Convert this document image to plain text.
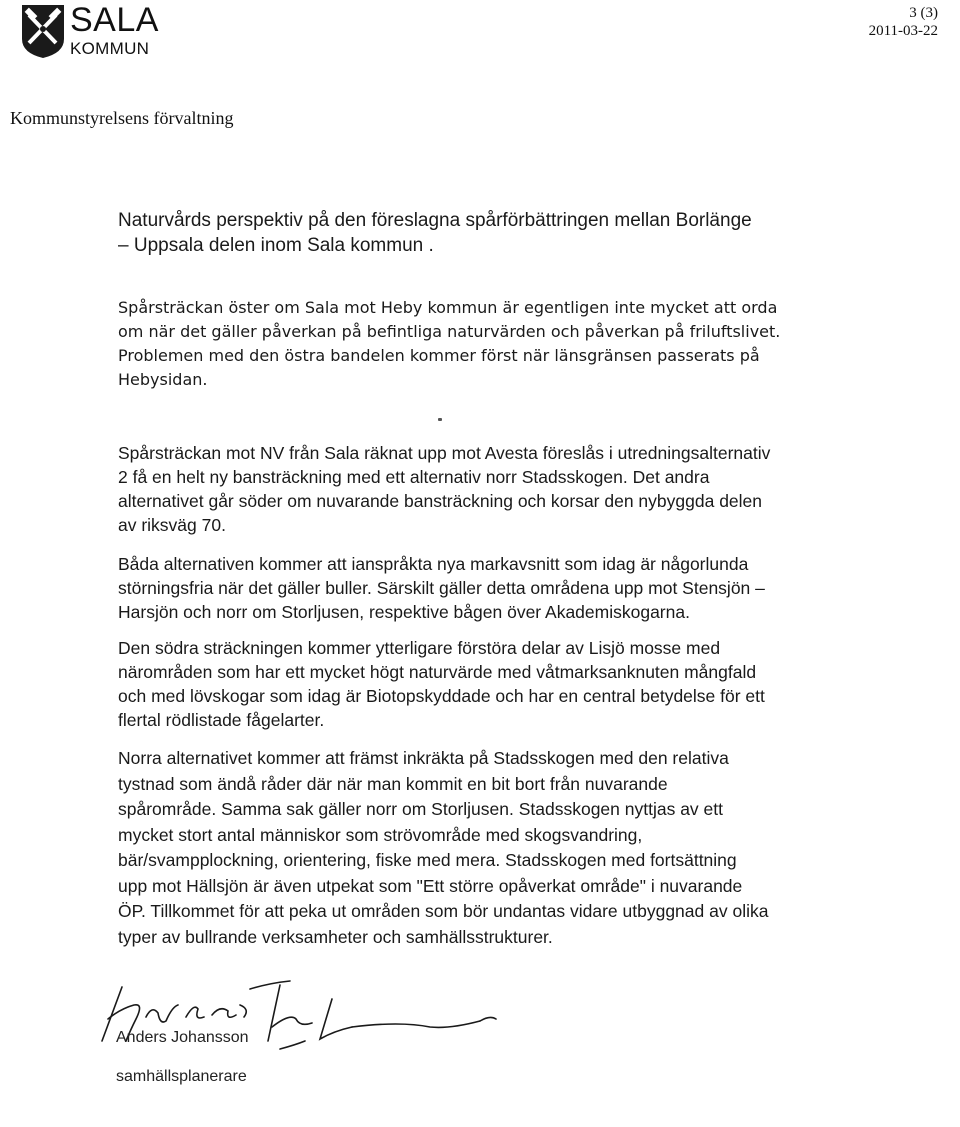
SALA
KOMMUN
3 (3)
2011-03-22
Kommunstyrelsens förvaltning
Naturvårds perspektiv på den föreslagna spårförbättringen mellan Borlänge
– Uppsala delen inom Sala kommun .
Spårsträckan öster om Sala mot Heby kommun är egentligen inte mycket att orda
om när det gäller påverkan på befintliga naturvärden och påverkan på friluftslivet.
Problemen med den östra bandelen kommer först när länsgränsen passerats på
Hebysidan.
Spårsträckan mot NV från Sala räknat upp mot Avesta föreslås i utredningsalternativ
2 få en helt ny bansträckning med ett alternativ norr Stadsskogen. Det andra
alternativet går söder om nuvarande bansträckning och korsar den nybyggda delen
av riksväg 70.
Båda alternativen kommer att ianspråkta nya markavsnitt som idag är någorlunda
störningsfria när det gäller buller. Särskilt gäller detta områdena upp mot Stensjön –
Harsjön och norr om Storljusen, respektive bågen över Akademiskogarna.
Den södra sträckningen kommer ytterligare förstöra delar av Lisjö mosse med
närområden som har ett mycket högt naturvärde med våtmarksanknuten mångfald
och med lövskogar som idag är Biotopskyddade och har en central betydelse för ett
flertal rödlistade fågelarter.
Norra alternativet kommer att främst inkräkta på Stadsskogen med den relativa
tystnad som ändå råder där när man kommit en bit bort från nuvarande
spårområde. Samma sak gäller norr om Storljusen. Stadsskogen nyttjas av ett
mycket stort antal människor som strövområde med skogsvandring,
bär/svampplockning, orientering, fiske med mera. Stadsskogen med fortsättning
upp mot Hällsjön är även utpekat som "Ett större opåverkat område" i nuvarande
ÖP. Tillkommet för att peka ut områden som bör undantas vidare utbyggnad av olika
typer av bullrande verksamheter och samhällsstrukturer.
Anders Johansson
samhällsplanerare
